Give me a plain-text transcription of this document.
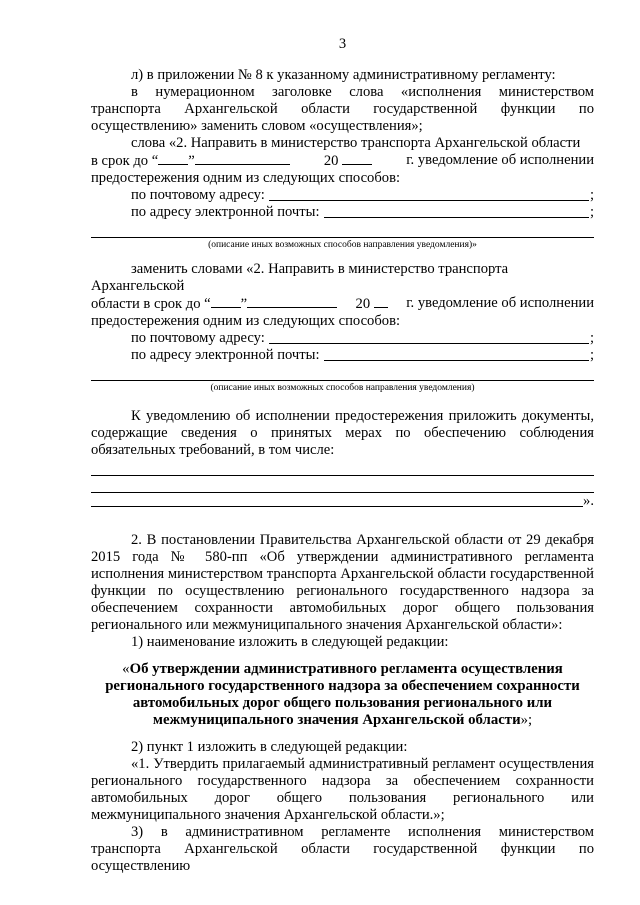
3

л) в приложении № 8 к указанному административному регламенту:

в нумерационном заголовке слова «исполнения министерством транспорта Архангельской области государственной функции по осуществлению» заменить словом «осуществления»;

слова «2. Направить в министерство транспорта Архангельской области

в срок до “ ”	20	г. уведомление об исполнении

предостережения одним из следующих способов:

по почтовому адресу:	;
по адресу электронной почты:	;
(описание иных возможных способов направления уведомления)»

заменить словами «2. Направить в министерство транспорта Архангельской

области в срок до “ ”	20	г. уведомление об исполнении

предостережения одним из следующих способов:

по почтовому адресу:	;
по адресу электронной почты:	;
(описание иных возможных способов направления уведомления)

К уведомлению об исполнении предостережения приложить документы, содержащие сведения о принятых мерах по обеспечению соблюдения обязательных требований, в том числе:

».

2. В постановлении Правительства Архангельской области от 29 декабря 2015 года № 580-пп «Об утверждении административного регламента исполнения министерством транспорта Архангельской области государственной функции по осуществлению регионального государственного надзора за обеспечением сохранности автомобильных дорог общего пользования регионального или межмуниципального значения Архангельской области»:

1) наименование изложить в следующей редакции:

«Об утверждении административного регламента осуществления регионального государственного надзора за обеспечением сохранности автомобильных дорог общего пользования регионального или межмуниципального значения Архангельской области»;

2) пункт 1 изложить в следующей редакции:

«1. Утвердить прилагаемый административный регламент осуществления регионального государственного надзора за обеспечением сохранности автомобильных дорог общего пользования регионального или межмуниципального значения Архангельской области.»;

3) в административном регламенте исполнения министерством транспорта Архангельской области государственной функции по осуществлению
